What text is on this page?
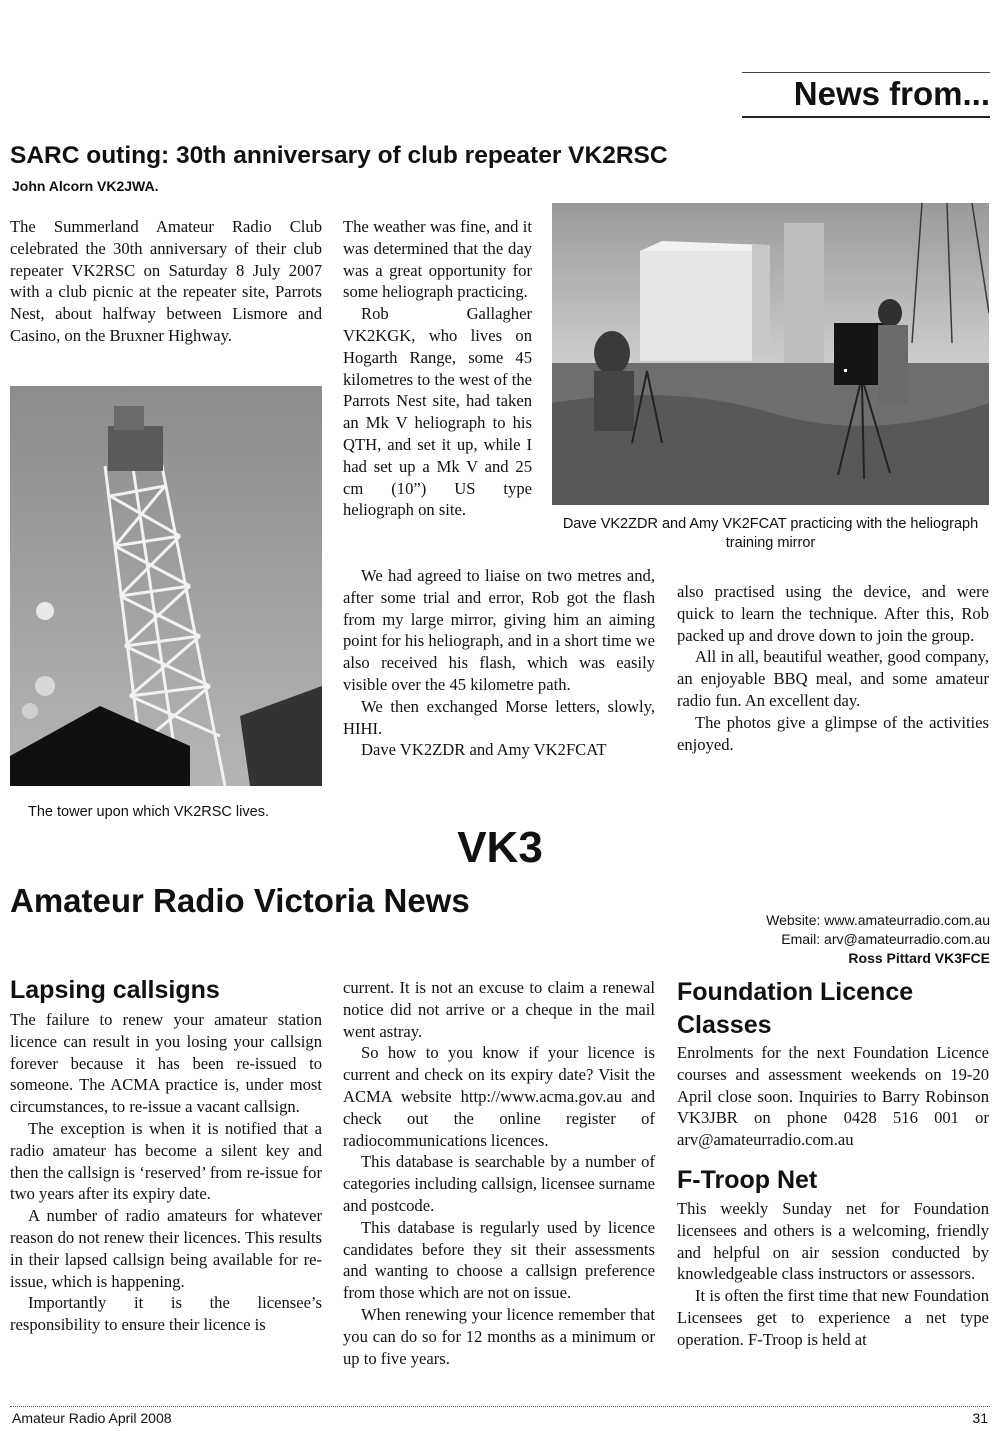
News from...
SARC outing: 30th anniversary of club repeater VK2RSC
John Alcorn VK2JWA.

The Summerland Amateur Radio Club celebrated the 30th anniversary of their club repeater VK2RSC on Saturday 8 July 2007 with a club picnic at the repeater site, Parrots Nest, about halfway between Lismore and Casino, on the Bruxner Highway.

The tower upon which VK2RSC lives.

The weather was fine, and it was determined that the day was a great opportunity for some heliograph practicing.

Rob Gallagher VK2KGK, who lives on Hogarth Range, some 45 kilometres to the west of the Parrots Nest site, had taken an Mk V heliograph to his QTH, and set it up, while I had set up a Mk V and 25 cm (10”) US type heliograph on site.

We had agreed to liaise on two metres and, after some trial and error, Rob got the flash from my large mirror, giving him an aiming point for his heliograph, and in a short time we also received his flash, which was easily visible over the 45 kilometre path.

We then exchanged Morse letters, slowly, HIHI.

Dave VK2ZDR and Amy VK2FCAT

Dave VK2ZDR and Amy VK2FCAT practicing with the heliograph training mirror

also practised using the device, and were quick to learn the technique. After this, Rob packed up and drove down to join the group.

All in all, beautiful weather, good company, an enjoyable BBQ meal, and some amateur radio fun. An excellent day.

The photos give a glimpse of the activities enjoyed.

VK3
Amateur Radio Victoria News
Website: www.amateurradio.com.au
Email: arv@amateurradio.com.au
Ross Pittard VK3FCE
Lapsing callsigns

The failure to renew your amateur station licence can result in you losing your callsign forever because it has been re-issued to someone. The ACMA practice is, under most circumstances, to re-issue a vacant callsign.

The exception is when it is notified that a radio amateur has become a silent key and then the callsign is ‘reserved’ from re-issue for two years after its expiry date.

A number of radio amateurs for whatever reason do not renew their licences. This results in their lapsed callsign being available for re-issue, which is happening.

Importantly it is the licensee’s responsibility to ensure their licence is

current. It is not an excuse to claim a renewal notice did not arrive or a cheque in the mail went astray.

So how to you know if your licence is current and check on its expiry date? Visit the ACMA website http://www.acma.gov.au and check out the online register of radiocommunications licences.

This database is searchable by a number of categories including callsign, licensee surname and postcode.

This database is regularly used by licence candidates before they sit their assessments and wanting to choose a callsign preference from those which are not on issue.

When renewing your licence remember that you can do so for 12 months as a minimum or up to five years.

Foundation Licence Classes

Enrolments for the next Foundation Licence courses and assessment weekends on 19-20 April close soon. Inquiries to Barry Robinson VK3JBR on phone 0428 516 001 or arv@amateurradio.com.au

F-Troop Net

This weekly Sunday net for Foundation licensees and others is a welcoming, friendly and helpful on air session conducted by knowledgeable class instructors or assessors.

It is often the first time that new Foundation Licensees get to experience a net type operation. F-Troop is held at

Amateur Radio April 2008	31
